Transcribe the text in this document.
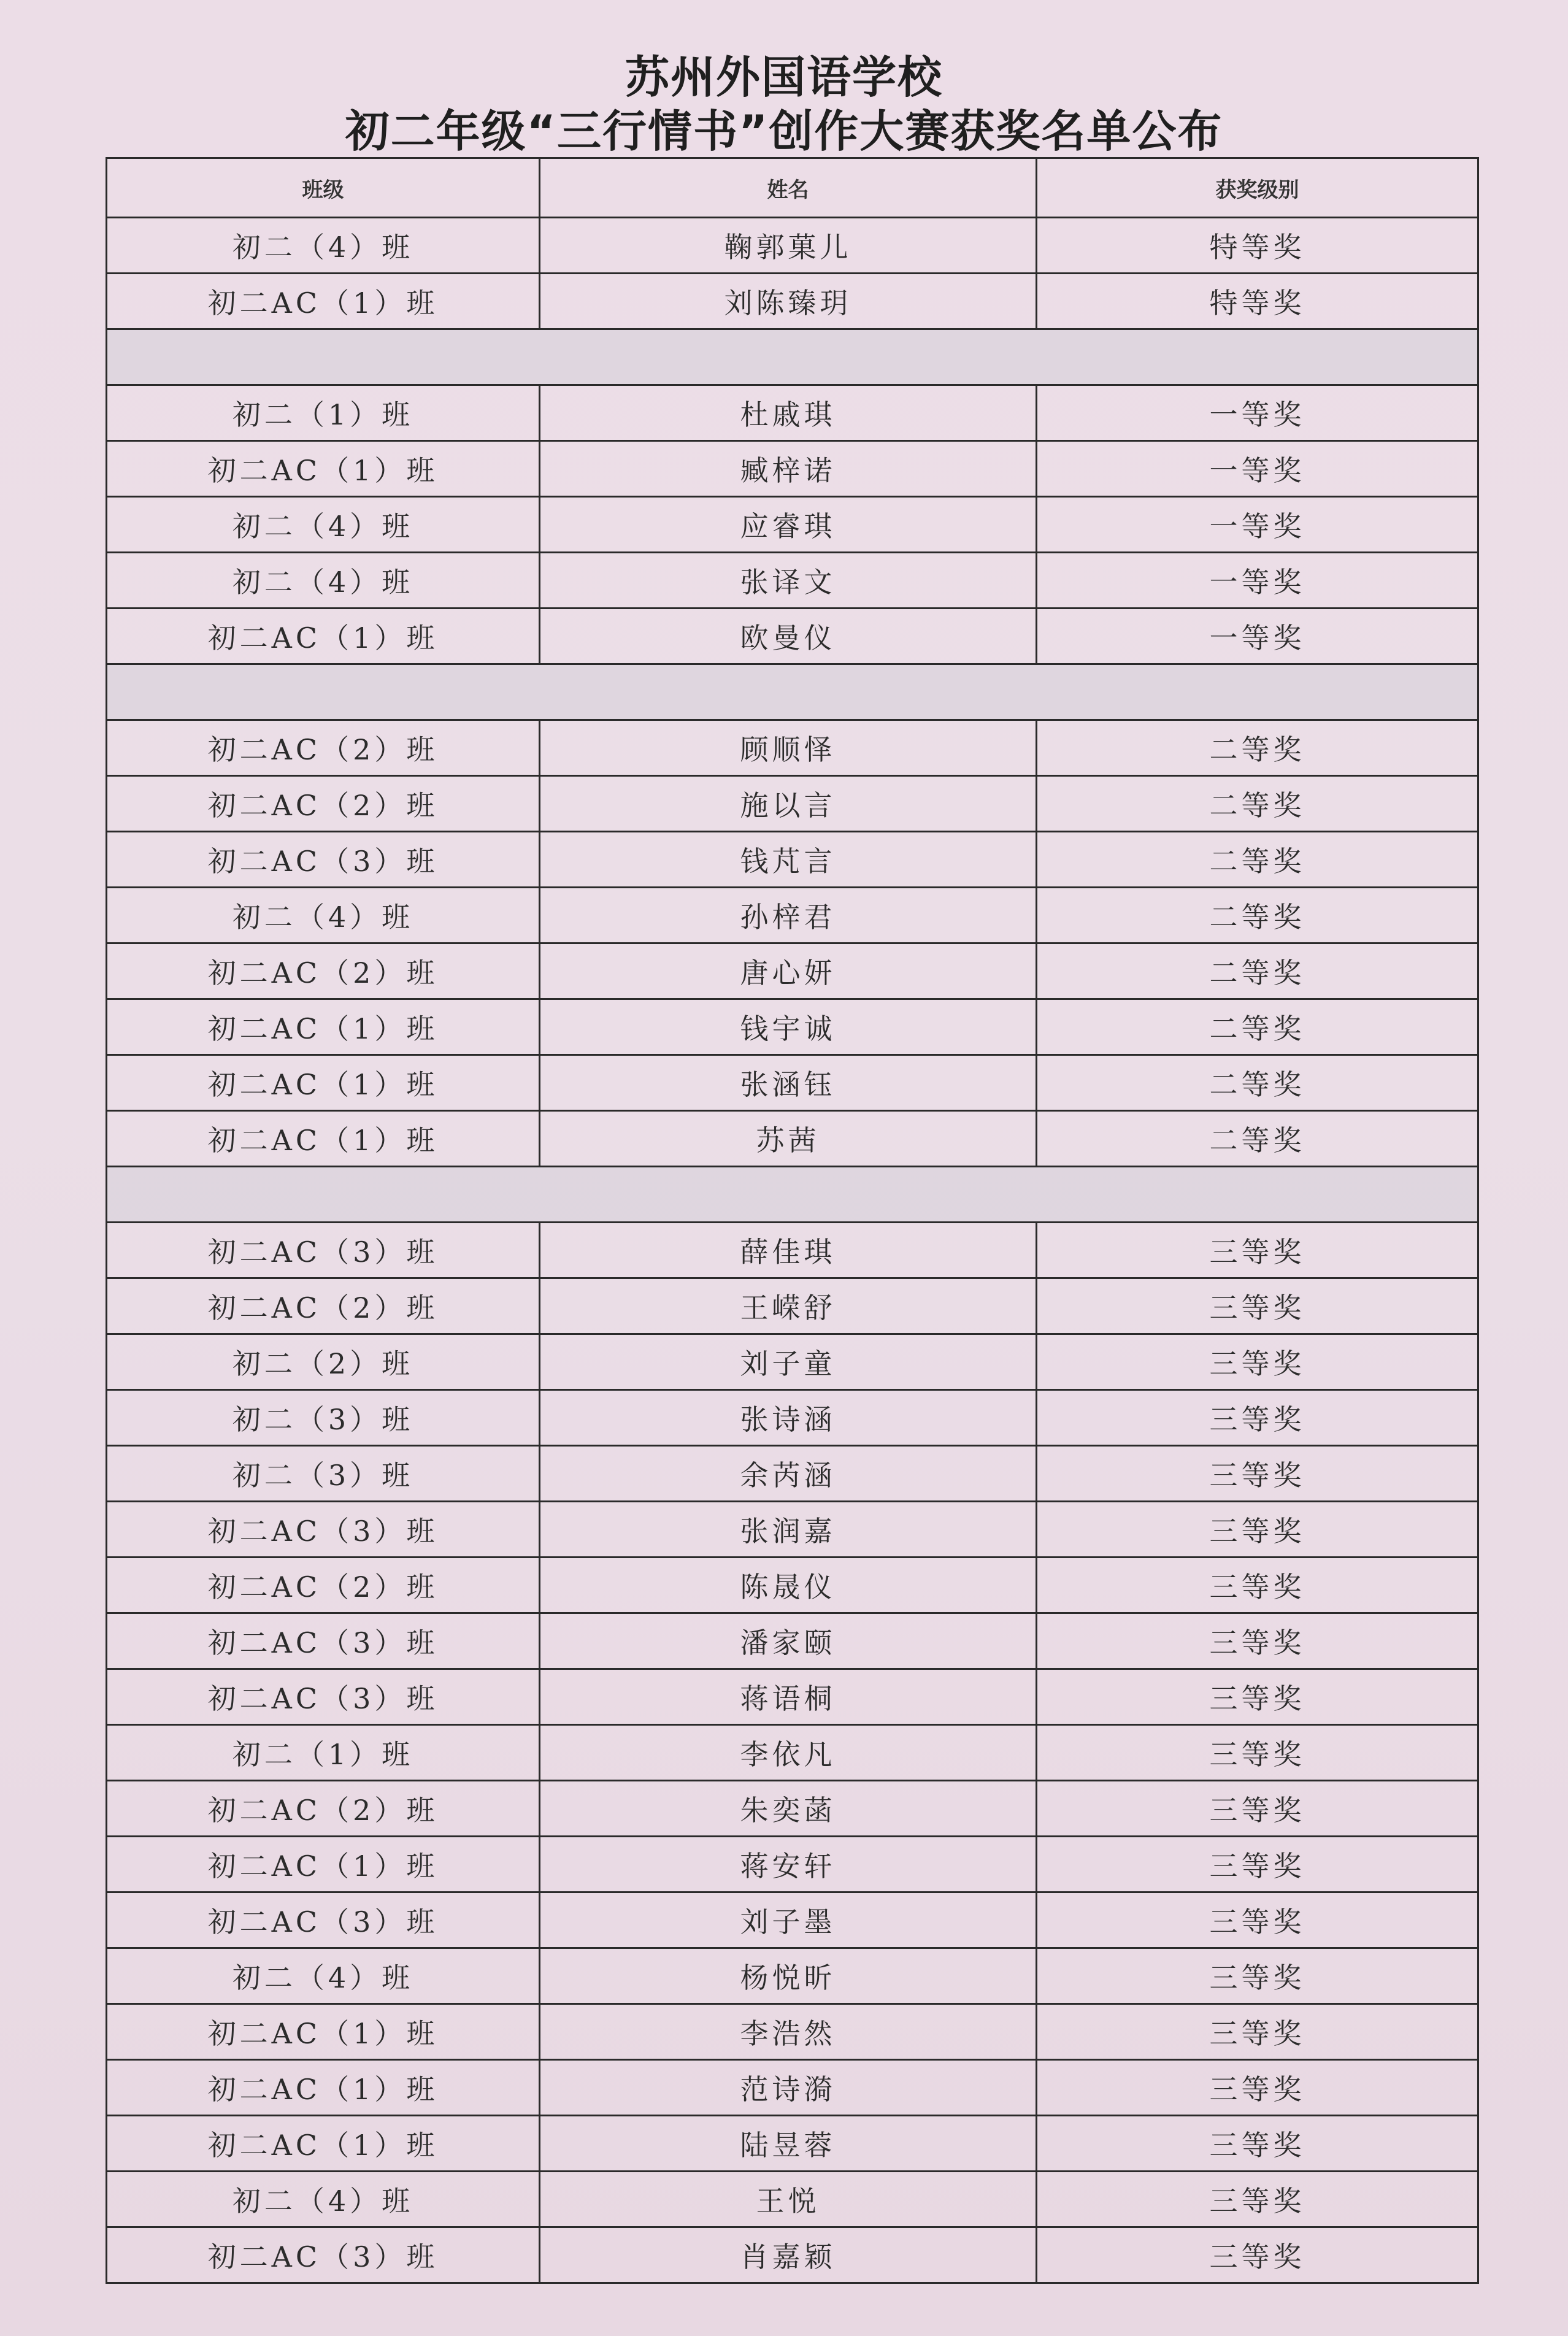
苏州外国语学校
初二年级“三行情书”创作大赛获奖名单公布
班级	姓名	获奖级别
初二（4）班	鞠郭菓儿	特等奖
初二AC（1）班	刘陈臻玥	特等奖

初二（1）班	杜戚琪	一等奖
初二AC（1）班	臧梓诺	一等奖
初二（4）班	应睿琪	一等奖
初二（4）班	张译文	一等奖
初二AC（1）班	欧曼仪	一等奖

初二AC（2）班	顾顺怿	二等奖
初二AC（2）班	施以言	二等奖
初二AC（3）班	钱芃言	二等奖
初二（4）班	孙梓君	二等奖
初二AC（2）班	唐心妍	二等奖
初二AC（1）班	钱宇诚	二等奖
初二AC（1）班	张涵钰	二等奖
初二AC（1）班	苏茜	二等奖

初二AC（3）班	薛佳琪	三等奖
初二AC（2）班	王嵘舒	三等奖
初二（2）班	刘子童	三等奖
初二（3）班	张诗涵	三等奖
初二（3）班	余芮涵	三等奖
初二AC（3）班	张润嘉	三等奖
初二AC（2）班	陈晟仪	三等奖
初二AC（3）班	潘家颐	三等奖
初二AC（3）班	蒋语桐	三等奖
初二（1）班	李依凡	三等奖
初二AC（2）班	朱奕菡	三等奖
初二AC（1）班	蒋安轩	三等奖
初二AC（3）班	刘子墨	三等奖
初二（4）班	杨悦昕	三等奖
初二AC（1）班	李浩然	三等奖
初二AC（1）班	范诗漪	三等奖
初二AC（1）班	陆昱蓉	三等奖
初二（4）班	王悦	三等奖
初二AC（3）班	肖嘉颖	三等奖
